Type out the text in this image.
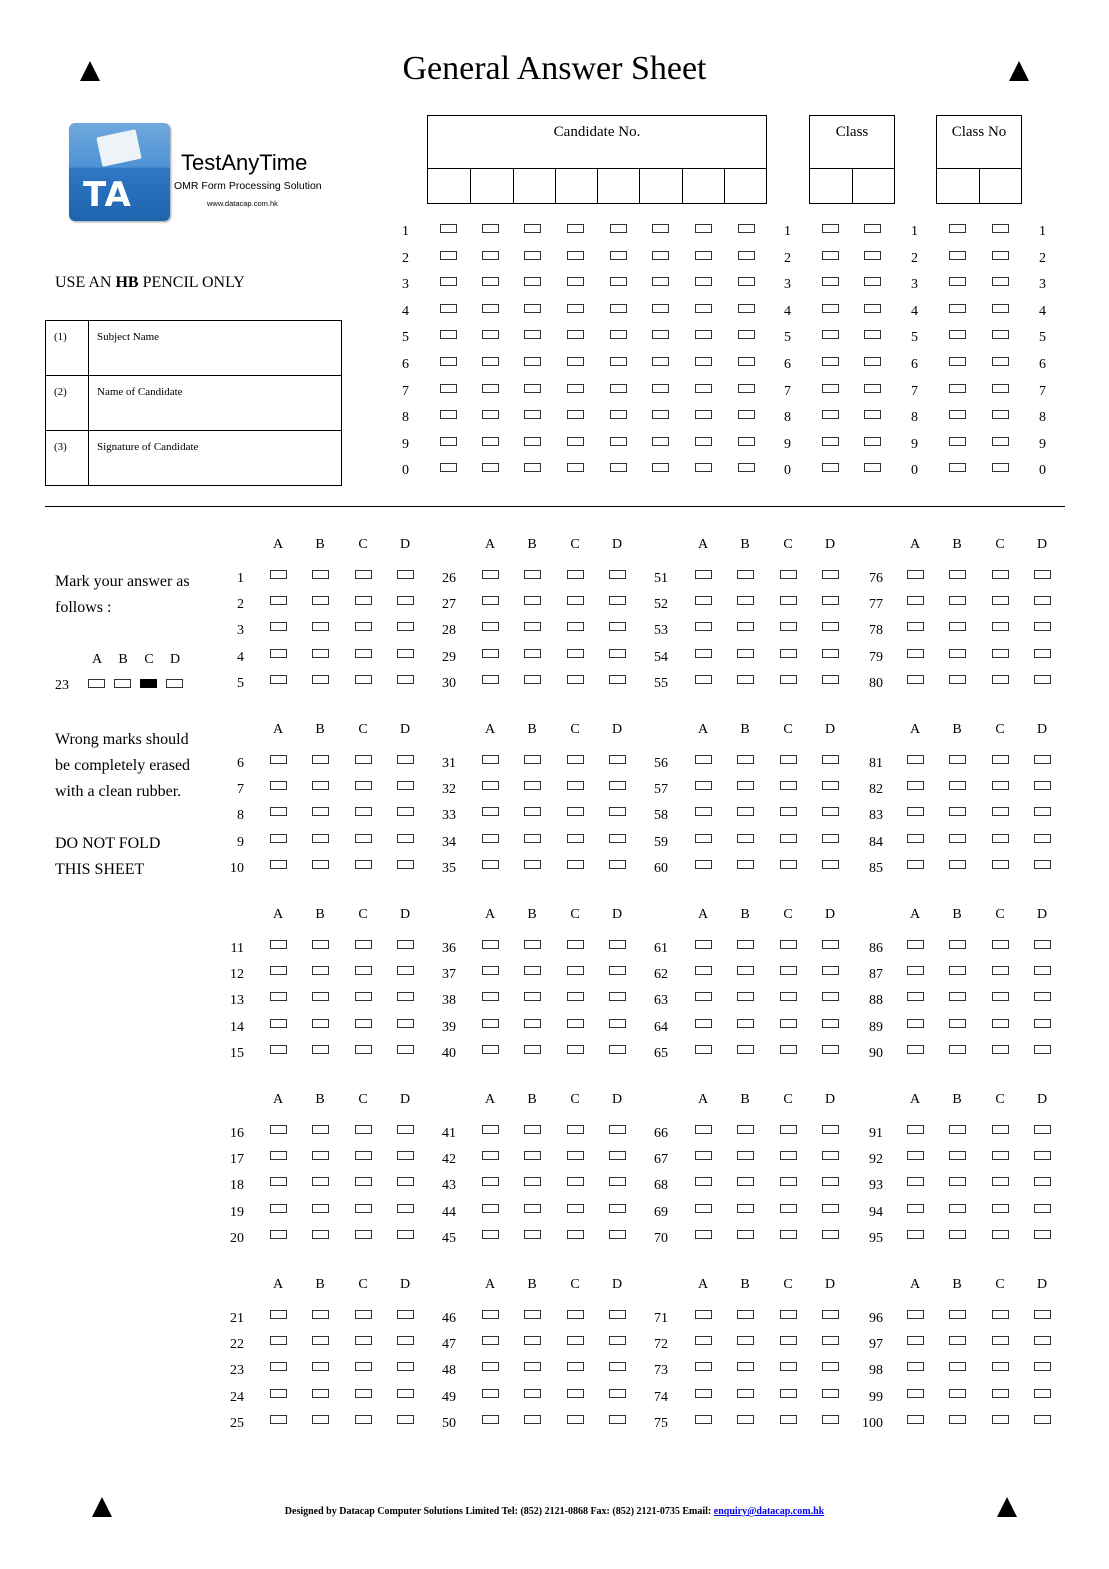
General Answer Sheet
TA
TestAnyTime
OMR Form Processing Solution
www.datacap.com.hk
USE AN HB PENCIL ONLY
(1)	Subject Name
(2)	Name of Candidate
(3)	Signature of Candidate
Candidate No.	Class	Class No
1	1	1	1
2	2	2	2
3	3	3	3
4	4	4	4
5	5	5	5
6	6	6	6
7	7	7	7
8	8	8	8
9	9	9	9
0	0	0	0
Mark your answer as
follows :
A	B	C	D
23
Wrong marks should
be completely erased
with a clean rubber.
DO NOT FOLD
THIS SHEET
A	B	C	D
1
2
3
4
5
A	B	C	D
26
27
28
29
30
A	B	C	D
51
52
53
54
55
A	B	C	D
76
77
78
79
80
A	B	C	D
6
7
8
9
10
A	B	C	D
31
32
33
34
35
A	B	C	D
56
57
58
59
60
A	B	C	D
81
82
83
84
85
A	B	C	D
11
12
13
14
15
A	B	C	D
36
37
38
39
40
A	B	C	D
61
62
63
64
65
A	B	C	D
86
87
88
89
90
A	B	C	D
16
17
18
19
20
A	B	C	D
41
42
43
44
45
A	B	C	D
66
67
68
69
70
A	B	C	D
91
92
93
94
95
A	B	C	D
21
22
23
24
25
A	B	C	D
46
47
48
49
50
A	B	C	D
71
72
73
74
75
A	B	C	D
96
97
98
99
100
Designed by Datacap Computer Solutions Limited Tel: (852) 2121-0868 Fax: (852) 2121-0735 Email: enquiry@datacap.com.hk
